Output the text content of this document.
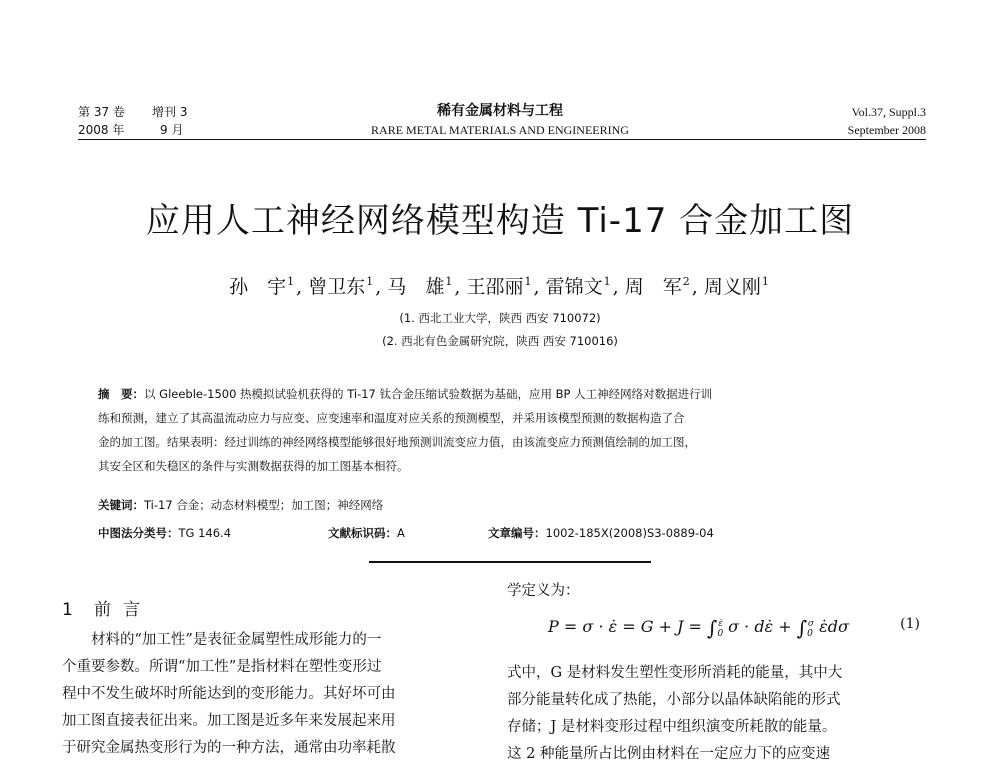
第 37 卷 增刊 3
2008 年	9 月
稀有金属材料与工程
RARE METAL MATERIALS AND ENGINEERING
Vol.37, Suppl.3
September 2008
应用人工神经网络模型构造 Ti-17 合金加工图
孙　宇$^1$ , 曾卫东$^1$ , 马　雄$^1$ , 王邵丽$^1$ , 雷锦文$^1$ , 周　军$^2$ , 周义刚$^1$
(1. 西北工业大学，陕西 西安 710072)
(2. 西北有色金属研究院，陕西 西安 710016)
摘　要：以 Gleeble-1500 热模拟试验机获得的 Ti-17 钛合金压缩试验数据为基础，应用 BP 人工神经网络对数据进行训
练和预测，建立了其高温流动应力与应变、应变速率和温度对应关系的预测模型，并采用该模型预测的数据构造了合
金的加工图。结果表明：经过训练的神经网络模型能够很好地预测训流变应力值，由该流变应力预测值绘制的加工图，
其安全区和失稳区的条件与实测数据获得的加工图基本相符。
关键词：Ti-17 合金；动态材料模型；加工图；神经网络
中图法分类号：TG 146.4	文献标识码：A	文章编号：1002-185X(2008)S3-0889-04
1 前言
材料的“加工性”是表征金属塑性成形能力的一
个重要参数。所谓“加工性”是指材料在塑性变形过
程中不发生破坏时所能达到的变形能力。其好坏可由
加工图直接表征出来。加工图是近多年来发展起来用
于研究金属热变形行为的一种方法，通常由功率耗散
学定义为：
P = σ · ε̇ = $G + J = \int_0^{\varepsiloṅ}$ σ · dε̇ + $\int_0^\sigma$ ε̇dσ	(1)
式中，G 是材料发生塑性变形所消耗的能量，其中大
部分能量转化成了热能，小部分以晶体缺陷能的形式
存储；J 是材料变形过程中组织演变所耗散的能量。
这 2 种能量所占比例由材料在一定应力下的应变速
